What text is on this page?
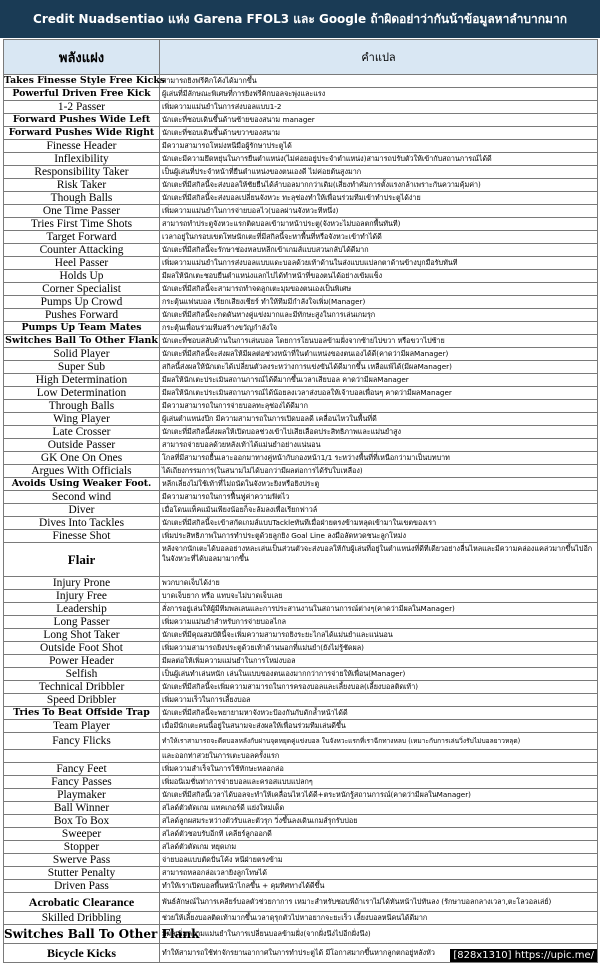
Credit Nuadsentiao แห่ง Garena FFOL3 และ Google ถ้าผิดอย่าว่ากันน้าข้อมูลหาลำบากมาก
พลังแฝง	คำแปล
Takes Finesse Style Free Kicks	สามารถยิงฟรีคิกโค้งได้มากขึ้น
Powerful Driven Free Kick	ผู้เล่นที่มีลักษณะพิเศษที่การยิงฟรีคิกบอลจะพุ่งและแรง
1-2 Passer	เพิ่มความแม่นยำในการส่งบอลแบบ1-2
Forward Pushes Wide Left	นักเตะที่ชอบเดินขึ้นด้านซ้ายของสนาม manager
Forward Pushes Wide Right	นักเตะที่ชอบเดินขึ้นด้านขวาของสนาม
Finesse Header	มีความสามารถโหม่งหนีมือผู้รักษาประตูได้
Inflexibility	นักเตะมีความยึดหยุ่นในการยืนตำแหน่ง(ไม่ค่อยอยู่ประจำตำแหน่ง)สามารถปรับตัวให้เข้ากับสถานการณ์ได้ดี
Responsibility Taker	เป็นผู้เล่นที่ประจำหน้าที่ยืนตำแหน่งของตนเองดี ไม่ค่อยต้นสูงมาก
Risk Taker	นักเตะที่มีสกิลนี้จะส่งบอลให้ชัยยืนได้ลำบอลมากกว่าเดิม(เสี่ยงทำคัมการตั้งแรงกล้าเพราะกันความคุ้มค่า)
Though Balls	นักเตะที่มีสกิลนี้จะส่งบอลเปลี่ยนจังหวะ ทะลุช่องทำให้เพื่อนร่วมทีมเข้าทำประตูได้ง่าย
One Time Passer	เพิ่มความแม่นยำในการจ่ายบอลไว(บอลผ่านจังหวะทีหนึ่ง)
Tries First Time Shots	สามารถทำประตูจังหวะแรกติดบอลเข้ามาหน้าประตู(จังหวะไม่บอลตกพื้นทันที)
Target Forward	เวลาอยู่ในกรอบเขตโทษนักเตะที่มีสกิลนี้จะหาพื้นที่หรือจังหวะเข้าทำได้ดี
Counter Attacking	นักเตะที่มีสกิลนี้จะรักษาช่องหลบหลีกเข้าเกมส์แบบสวนกลับได้ดีมาก
Heel Passer	เพิ่มความแม่นยำในการส่งบอลแบบแดะบอลด้วยเท้าด้านในส่งแบบแปลกตาด้านข้างบุกมือรับทันที
Holds Up	มีผลให้นักเตะชอบยืนตำแหน่งแลกไปได้ทำหน้าที่ของตนได้อย่างเข้มแข็ง
Corner Specialist	นักเตะที่มีสกิลนี้จะสามารถทำจดลูกเตะมุมของตนเองเป็นพิเศษ
Pumps Up Crowd	กระตุ้นแฟนบอล เรียกเสียงเชียร์ ทำให้ทีมมีกำลังใจเพิ่ม(Manager)
Pushes Forward	นักเตะที่มีสกิลนี้จะกดดันทางคู่แข่งมากและมีทักษะสูงในการเล่นเกมรุก
Pumps Up Team Mates	กระตุ้นเพื่อนร่วมทีมสร้างขวัญกำลังใจ
Switches Ball To Other Flank	นักเตะที่ชอบสลับด้านในการเล่นบอล โดยการโยนบอลข้ามฝั่งจากซ้ายไปขวา หรือขวาไปซ้าย
Solid Player	นักเตะที่มีสกิลนี้จะส่งผลให้มีผลต่อช่วงหน้าที่ในตำแหน่งของตนเองได้ดี(คาดว่ามีผลManager)
Super Sub	สกิลนี้ส่งผลให้นักเตะได้เปลี่ยนตัวลงระหว่างการแข่งขันได้ดีมากขึ้น เหลือแพ้ได้(มีผลManager)
High Determination	มีผลให้นักเตะประเมินสถานการณ์ได้ดีมากขึ้นเวลาเสียบอล คาดว่ามีผลManager
Low Determination	มีผลให้นักเตะประเมินสถานการณ์ได้น้อยลงเวลาส่งบอลให้เจ้าบอลเพื่อนๆ คาดว่ามีผลManager
Through Balls	มีความสามารถในการจ่ายบอลทะลุช่องได้ดีมาก
Wing Player	ผู้เล่นตำแหน่งปีก มีความสามารถในการเปิดบอลดี เคลื่อนไหวในพื้นที่ดี
Late Crosser	นักเตะที่มีสกิลนี้ส่งผลให้เปิดบอลช่วงเข้าไปเสียเลือดประสิทธิภาพและแม่นยำสูง
Outside Passer	สามารถจ่ายบอลด้วยหลังเท้าได้แม่นยำอย่างแน่นอน
GK One On Ones	โกลที่มีสามารถยื้นเลาะออกมาทางคู่หน้ากับกองหน้า1/1 ระหว่างพื้นที่ที่เหนือกว่ามาเป็นบทบาท
Argues With Officials	ได้เถียงกรรมการ(ในสนามไม่ได้บอกว่ามีผลต่อการได้รับใบเหลือง)
Avoids Using Weaker Foot.	หลีกเลี่ยงไม่ใช้เท้าที่ไม่ถนัดในจังหวะยิงหรือยิงประตู
Second wind	มีความสามารถในการฟื้นฟูค่าความฟิตไว
Diver	เมื่อโดนแท็คแม้นเพียงน้อยก็จะล้มลงเพื่อเรียกฟาวล์
Dives Into Tackles	นักเตะที่มีสกิลนี้จะเข้าสกัดเกมส์แบบTackleทันทีเมื่อฝ่ายตรงข้ามหลุดเข้ามาในเขตของเรา
Finesse Shot	เพิ่มประสิทธิภาพในการทำประตูด้วยลูกยิง Goal Line ลงมือลัดหวดชนะลูกโหม่ง
Flair	หลังจากนักเตะได้บอลอย่างหละเล่นเป็นส่วนตัวจะส่งบอลให้กับผู้เล่นที่อยู่ในตำแหน่งที่ดีทีเดียวอย่างลื่นไหลและมีความคล่องแคล่วมากขึ้นไปอีก ในจังหวะที่ได้บอลมามากขึ้น
Injury Prone	พวกบาดเจ็บได้ง่าย
Injury Free	บาดเจ็บยาก หรือ แทบจะไม่บาดเจ็บเลย
Leadership	สั่งการอยู่เล่นให้ผู้มีทีมพลเลนและการประสานงานในสถานการณ์ต่างๆ(คาดว่ามีผลในManager)
Long Passer	เพิ่มความแม่นยำสำหรับการจ่ายบอลไกล
Long Shot Taker	นักเตะที่มีคุณสมบัตินี้จะเพิ่มความสามารถยิงระยะไกลได้แม่นยำและแน่นอน
Outside Foot Shot	เพิ่มความสามารถยิงประตูด้วยเท้าด้านนอกที่แม่นยำ(ยังไม่รู้ชัดผล)
Power Header	มีผลต่อให้เพิ่มความแม่นยำในการโหม่งบอล
Selfish	เป็นผู้เล่นทำเล่นหนัก เล่นในแบบของตนเองมากกว่าการจ่ายให้เพื่อน(Manager)
Technical Dribbler	นักเตะที่มีสกิลนี้จะเพิ่มความสามารถในการครองบอลและเลี้ยงบอล(เลี้ยงบอลติดเท้า)
Speed Dribbler	เพิ่มความเร็วในการเลี้ยงบอล
Tries To Beat Offside Trap	นักเตะที่มีสกิลนี้จะพยายามหาจังหวะป้องกันกับดักล้ำหน้าได้ดี
Team Player	เมื่อมีนักเตะคนนี้อยู่ในสนามจะส่งผลให้เพื่อนร่วมทีมเล่นดีขึ้น
Fancy Flicks	ทำให้เราสามารถจะดีดบอลหลังกับผ่านจุดหยุดคู่แข่งบอล ในจังหวะแรกที่เราฉีกทางหลบ (เหมาะกับการเล่นวิ่งรับไม่บอลยาวหลุด)
	และออกท่าสวยในการเตะบอลครั้งแรก
Fancy Feet	เพิ่มความสำเร็จในการใช้ทักษะหลอกล่อ
Fancy Passes	เพิ่มอนิเมชั่นท่าการจ่ายบอลและครอสแบบแปลกๆ
Playmaker	นักเตะที่มีสกิลนี้เวลาได้บอลจะทำให้เคลื่อนไหวได้ดี+ตระหนักรู้สถานการณ์(คาดว่ามีผลในManager)
Ball Winner	สไลด์ตัวตัดเกม แทคเกอร์ดี แย่งใหม่เด็ด
Box To Box	สไลด์ลูกผสมระหว่างตัวรับและตัวรุก วิ่งขึ้นลงเดินเกมส์รุกรับบ่อย
Sweeper	สไลด์ตัวชอบรับอีกที เคลียร์ลูกออกดี
Stopper	สไลด์ตัวตัดเกม หยุดเกม
Swerve Pass	จ่ายบอลแบบตัดปั่นโค้ง หนีฝ่ายตรงข้าม
Stutter Penalty	สามารถหลอกล่อเวลายิงลูกโทษได้
Driven Pass	ทำให้เราเปิดบอลพื้นหน้าไกลขึ้น + คุมทิศทางได้ดีขึ้น
Acrobatic Clearance	พันธ์ลักษณ์ในการเคลียร์บอลตัวช่วยกาการ เหมาะสำหรับชอบพีถ้าเราไม่ได้ทันหน้าไปทันลง (รักษาบอลกลางเวลา,ตะโลวอลเล่ย์)
Skilled Dribbling	ช่วยให้เลี้ยงบอลติดเท้ามากขึ้นเวลาดุรุกตัวไปหาอยากจะยะเร็ว เลี้ยงบอลหนีคนได้ดีมาก
Switches Ball To Other Flank	มีผลเพิ่มความแม่นยำในการเปลี่ยนบอลข้ามฝั่ง(จากฝั่งนึงไปอีกฝั่งนึง)
Bicycle Kicks	ทำให้สามารถใช้ท่าจักรยานอากาศในการทำประตูได้ มีโอกาสมากขึ้นหากลูกตกอยู่หลังหัว	[828x1310] https://upic.me/
